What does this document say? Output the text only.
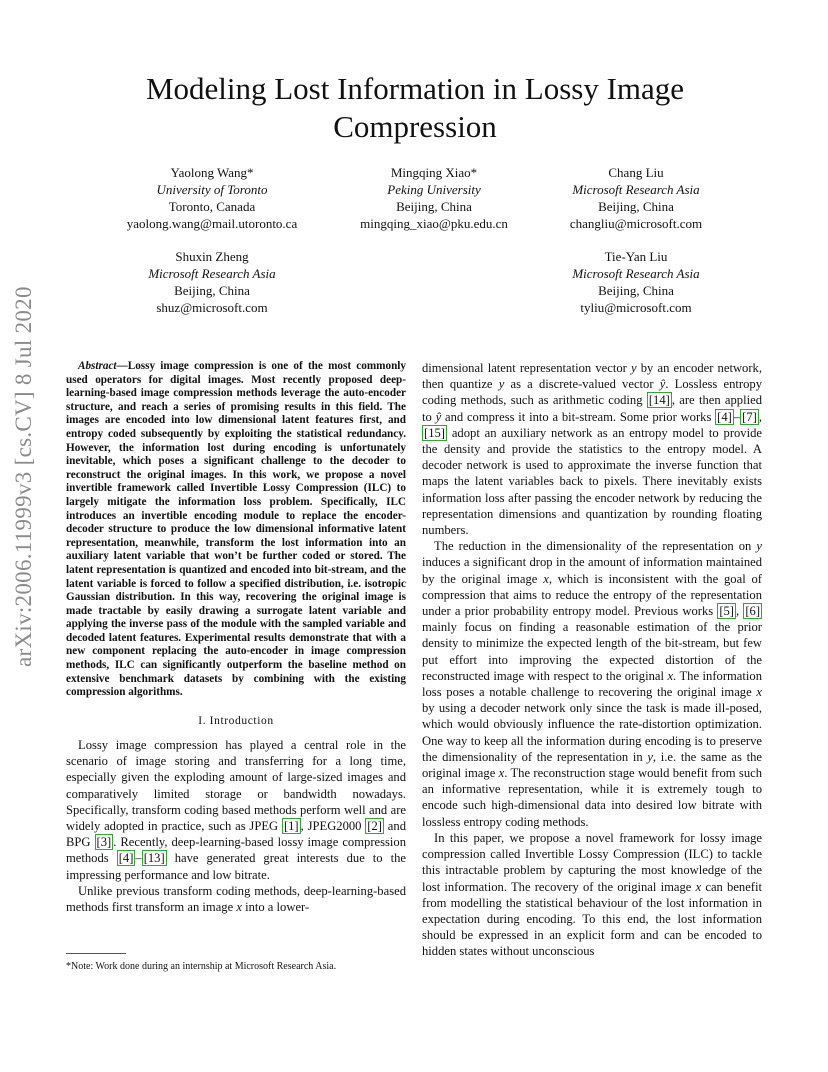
arXiv:2006.11999v3 [cs.CV] 8 Jul 2020
Modeling Lost Information in Lossy Image
Compression
Yaolong Wang*
University of Toronto
Toronto, Canada
yaolong.wang@mail.utoronto.ca
Mingqing Xiao*
Peking University
Beijing, China
mingqing_xiao@pku.edu.cn
Chang Liu
Microsoft Research Asia
Beijing, China
changliu@microsoft.com
Shuxin Zheng
Microsoft Research Asia
Beijing, China
shuz@microsoft.com
Tie-Yan Liu
Microsoft Research Asia
Beijing, China
tyliu@microsoft.com

Abstract—Lossy image compression is one of the most commonly used operators for digital images. Most recently proposed deep-learning-based image compression methods leverage the auto-encoder structure, and reach a series of promising results in this field. The images are encoded into low dimensional latent features first, and entropy coded subsequently by exploiting the statistical redundancy. However, the information lost during encoding is unfortunately inevitable, which poses a significant challenge to the decoder to reconstruct the original images. In this work, we propose a novel invertible framework called Invertible Lossy Compression (ILC) to largely mitigate the information loss problem. Specifically, ILC introduces an invertible encoding module to replace the encoder-decoder structure to produce the low dimensional informative latent representation, meanwhile, transform the lost information into an auxiliary latent variable that won’t be further coded or stored. The latent representation is quantized and encoded into bit-stream, and the latent variable is forced to follow a specified distribution, i.e. isotropic Gaussian distribution. In this way, recovering the original image is made tractable by easily drawing a surrogate latent variable and applying the inverse pass of the module with the sampled variable and decoded latent features. Experimental results demonstrate that with a new component replacing the auto-encoder in image compression methods, ILC can significantly outperform the baseline method on extensive benchmark datasets by combining with the existing compression algorithms.

I. Introduction

Lossy image compression has played a central role in the scenario of image storing and transferring for a long time, especially given the exploding amount of large-sized images and comparatively limited storage or bandwidth nowadays. Specifically, transform coding based methods perform well and are widely adopted in practice, such as JPEG [1] , JPEG2000 [2] and BPG [3] . Recently, deep-learning-based lossy image compression methods [4] – [13] have generated great interests due to the impressing performance and low bitrate.

Unlike previous transform coding methods, deep-learning-based methods first transform an image x into a lower-

*Note: Work done during an internship at Microsoft Research Asia.

dimensional latent representation vector y by an encoder network, then quantize y as a discrete-valued vector ŷ. Lossless entropy coding methods, such as arithmetic coding [14] , are then applied to ŷ and compress it into a bit-stream. Some prior works [4] – [7] , [15] adopt an auxiliary network as an entropy model to provide the density and provide the statistics to the entropy model. A decoder network is used to approximate the inverse function that maps the latent variables back to pixels. There inevitably exists information loss after passing the encoder network by reducing the representation dimensions and quantization by rounding floating numbers.

The reduction in the dimensionality of the representation on y induces a significant drop in the amount of information maintained by the original image x, which is inconsistent with the goal of compression that aims to reduce the entropy of the representation under a prior probability entropy model. Previous works [5] , [6] mainly focus on finding a reasonable estimation of the prior density to minimize the expected length of the bit-stream, but few put effort into improving the expected distortion of the reconstructed image with respect to the original x. The information loss poses a notable challenge to recovering the original image x by using a decoder network only since the task is made ill-posed, which would obviously influence the rate-distortion optimization. One way to keep all the information during encoding is to preserve the dimensionality of the representation in y, i.e. the same as the original image x. The reconstruction stage would benefit from such an informative representation, while it is extremely tough to encode such high-dimensional data into desired low bitrate with lossless entropy coding methods.

In this paper, we propose a novel framework for lossy image compression called Invertible Lossy Compression (ILC) to tackle this intractable problem by capturing the most knowledge of the lost information. The recovery of the original image x can benefit from modelling the statistical behaviour of the lost information in expectation during encoding. To this end, the lost information should be expressed in an explicit form and can be encoded to hidden states without unconscious
